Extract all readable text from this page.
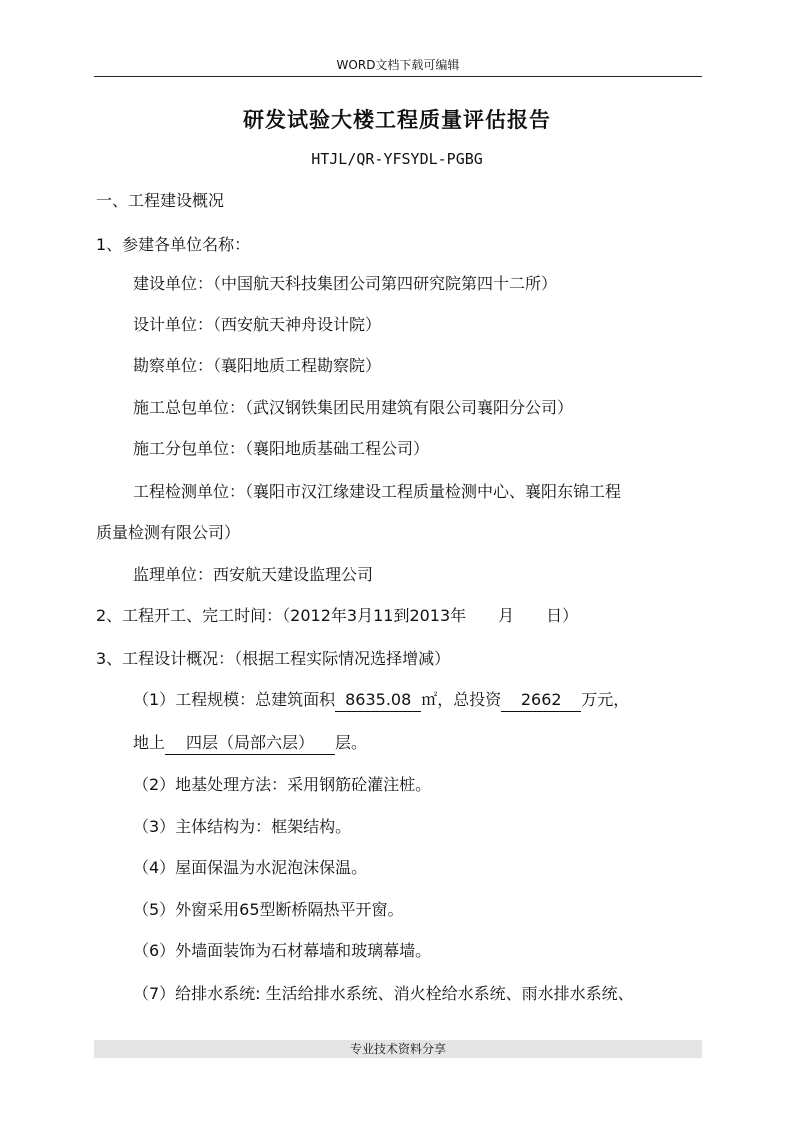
WORD文档下载可编辑
研发试验大楼工程质量评估报告
HTJL/QR-YFSYDL-PGBG
一、工程建设概况
1、参建各单位名称：
建设单位：（中国航天科技集团公司第四研究院第四十二所）
设计单位：（西安航天神舟设计院）
勘察单位：（襄阳地质工程勘察院）
施工总包单位：（武汉钢铁集团民用建筑有限公司襄阳分公司）
施工分包单位：（襄阳地质基础工程公司）
工程检测单位：（襄阳市汉江缘建设工程质量检测中心、襄阳东锦工程
质量检测有限公司）
监理单位：西安航天建设监理公司
2、工程开工、完工时间：（2012年3月11到2013年　　月　　日）
3、工程设计概况：（根据工程实际情况选择增减）
（1）工程规模：总建筑面积 8635.08 ㎡，总投资 2662 万元，
地上 四层（局部六层） 层。
（2）地基处理方法：采用钢筋砼灌注桩。
（3）主体结构为：框架结构。
（4）屋面保温为水泥泡沫保温。
（5）外窗采用65型断桥隔热平开窗。
（6）外墙面装饰为石材幕墙和玻璃幕墙。
（7）给排水系统: 生活给排水系统、消火栓给水系统、雨水排水系统、
专业技术资料分享
